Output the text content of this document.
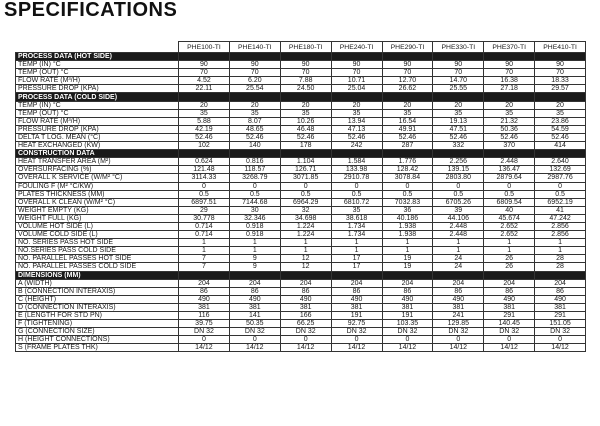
SPECIFICATIONS
	PHE100-TI	PHE140-TI	PHE180-TI	PHE240-TI	PHE290-TI	PHE330-TI	PHE370-TI	PHE410-TI
PROCESS DATA (HOT SIDE)								
TEMP (IN) °C	90	90	90	90	90	90	90	90
TEMP (OUT) °C	70	70	70	70	70	70	70	70
FLOW RATE (M³/H)	4.52	6.20	7.88	10.71	12.70	14.70	16.38	18.33
PRESSURE DROP (KPA)	22.11	25.54	24.50	25.04	26.62	25.55	27.18	29.57
PROCESS DATA (COLD SIDE)								
TEMP (IN) °C	20	20	20	20	20	20	20	20
TEMP (OUT) °C	35	35	35	35	35	35	35	35
FLOW RATE (M³/H)	5.88	8.07	10.26	13.94	16.54	19.13	21.32	23.86
PRESSURE DROP (KPA)	42.19	48.65	46.48	47.13	49.91	47.51	50.36	54.59
DELTA T LOG. MEAN (°C)	52.46	52.46	52.46	52.46	52.46	52.46	52.46	52.46
HEAT EXCHANGED (KW)	102	140	178	242	287	332	370	414
CONSTRUCTION DATA								
HEAT TRANSFER AREA (M²)	0.624	0.816	1.104	1.584	1.776	2.256	2.448	2.640
OVERSURFACING (%)	121.48	118.57	126.71	133.98	128.42	139.15	136.47	132.69
OVERALL K SERVICE (W/M² °C)	3114.33	3268.79	3071.85	2910.78	3078.84	2803.80	2879.64	2987.76
FOULING F (M² °C/KW)	0	0	0	0	0	0	0	0
PLATES THICKNESS (MM)	0.5	0.5	0.5	0.5	0.5	0.5	0.5	0.5
OVERALL K CLEAN (W/M² °C)	6897.51	7144.68	6964.29	6810.72	7032.83	6705.26	6809.54	6952.19
WEIGHT EMPTY (KG)	29	30	32	35	36	39	40	41
WEIGHT FULL (KG)	30.778	32.346	34.698	38.618	40.186	44.106	45.674	47.242
VOLUME HOT SIDE (L)	0.714	0.918	1.224	1.734	1.938	2.448	2.652	2.856
VOLUME COLD SIDE (L)	0.714	0.918	1.224	1.734	1.938	2.448	2.652	2.856
NO. SERIES PASS HOT SIDE	1	1	1	1	1	1	1	1
NO.SERIES PASS COLD SIDE	1	1	1	1	1	1	1	1
NO. PARALLEL PASSES HOT SIDE	7	9	12	17	19	24	26	28
NO. PARALLEL PASSES COLD SIDE	7	9	12	17	19	24	26	28
DIMENSIONS (MM)								
A (WIDTH)	204	204	204	204	204	204	204	204
B (CONNECTION INTERAXIS)	86	86	86	86	86	86	86	86
C (HEIGHT)	490	490	490	490	490	490	490	490
D (CONNECTION INTERAXIS)	381	381	381	381	381	381	381	381
E (LENGTH FOR STD PN)	116	141	166	191	191	241	291	291
F (TIGHTENING)	39.75	50.35	66.25	92.75	103.35	129.85	140.45	151.05
G (CONNECTION SIZE)	DN 32	DN 32	DN 32	DN 32	DN 32	DN 32	DN 32	DN 32
H (HEIGHT CONNECTIONS)	0	0	0	0	0	0	0	0
S (FRAME PLATES THK)	14/12	14/12	14/12	14/12	14/12	14/12	14/12	14/12
